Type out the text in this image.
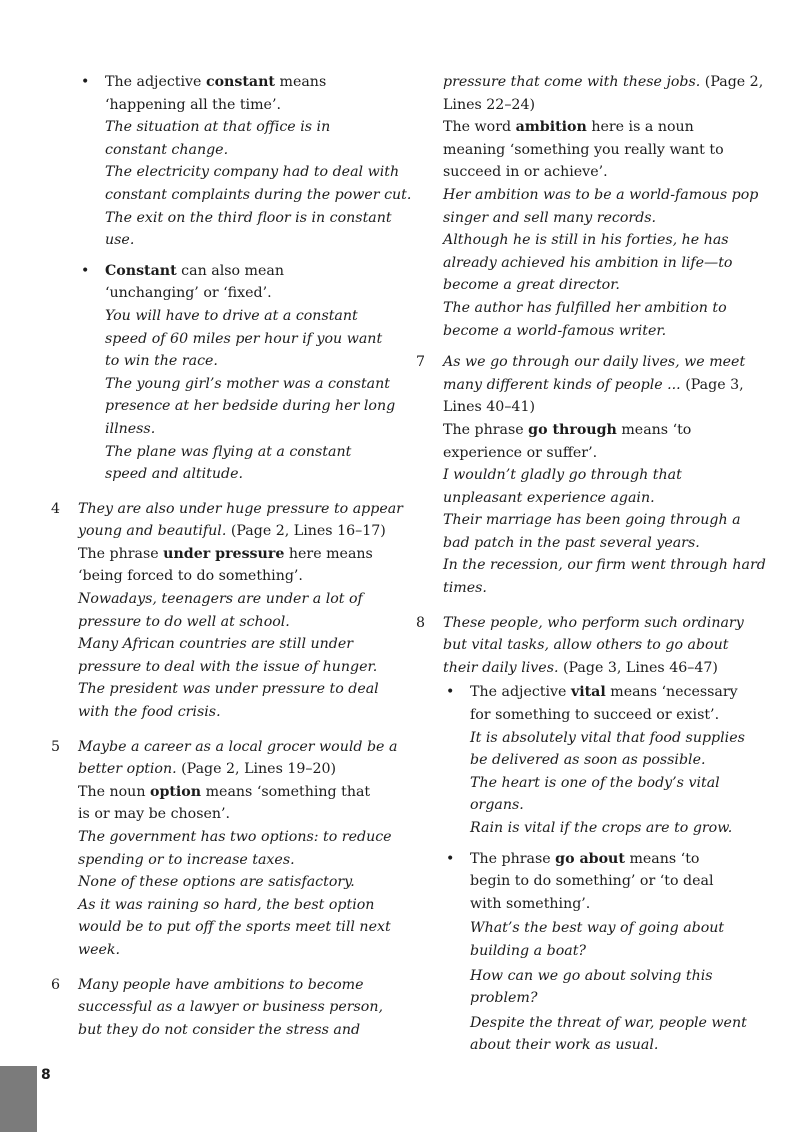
• The adjective constant means
‘happening all the time’.
The situation at that office is in
constant change.
The electricity company had to deal with
constant complaints during the power cut.
The exit on the third floor is in constant
use.
• Constant can also mean
‘unchanging’ or ‘fixed’.
You will have to drive at a constant
speed of 60 miles per hour if you want
to win the race.
The young girl’s mother was a constant
presence at her bedside during her long
illness.
The plane was flying at a constant
speed and altitude.
4 They are also under huge pressure to appear
young and beautiful. (Page 2, Lines 16–17)
The phrase under pressure here means
‘being forced to do something’.
Nowadays, teenagers are under a lot of
pressure to do well at school.
Many African countries are still under
pressure to deal with the issue of hunger.
The president was under pressure to deal
with the food crisis.
5 Maybe a career as a local grocer would be a
better option. (Page 2, Lines 19–20)
The noun option means ‘something that
is or may be chosen’.
The government has two options: to reduce
spending or to increase taxes.
None of these options are satisfactory.
As it was raining so hard, the best option
would be to put off the sports meet till next
week.
6 Many people have ambitions to become
successful as a lawyer or business person,
but they do not consider the stress and
pressure that come with these jobs. (Page 2,
Lines 22–24)
The word ambition here is a noun
meaning ‘something you really want to
succeed in or achieve’.
Her ambition was to be a world-famous pop
singer and sell many records.
Although he is still in his forties, he has
already achieved his ambition in life—to
become a great director.
The author has fulfilled her ambition to
become a world-famous writer.
7 As we go through our daily lives, we meet
many different kinds of people ... (Page 3,
Lines 40–41)
The phrase go through means ‘to
experience or suffer’.
I wouldn’t gladly go through that
unpleasant experience again.
Their marriage has been going through a
bad patch in the past several years.
In the recession, our firm went through hard
times.
8 These people, who perform such ordinary
but vital tasks, allow others to go about
their daily lives. (Page 3, Lines 46–47)
• The adjective vital means ‘necessary
for something to succeed or exist’.
It is absolutely vital that food supplies
be delivered as soon as possible.
The heart is one of the body’s vital
organs.
Rain is vital if the crops are to grow.
• The phrase go about means ‘to
begin to do something’ or ‘to deal
with something’.
What’s the best way of going about
building a boat?
How can we go about solving this
problem?
Despite the threat of war, people went
about their work as usual.
8
